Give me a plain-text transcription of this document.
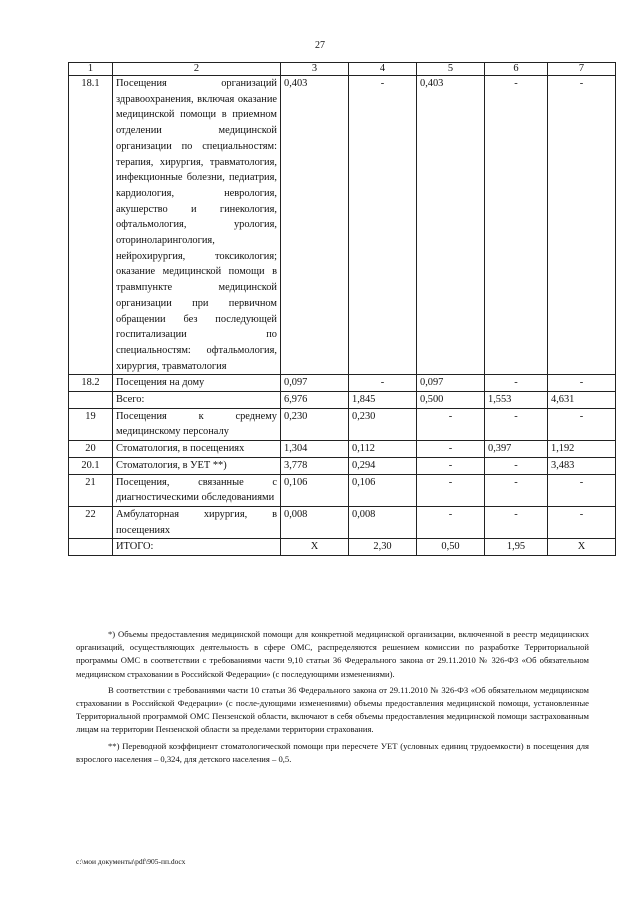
27
1	2	3	4	5	6	7
18.1	Посещения организаций здравоохранения, включая оказание медицинской помощи в приемном отделении медицинской организации по специальностям: терапия, хирургия, травматология, инфекционные болезни, педиатрия, кардиология, неврология, акушерство и гинекология, офтальмология, урология, оториноларингология, нейрохирургия, токсикология; оказание медицинской помощи в травмпункте медицинской организации при первичном обращении без последующей госпитализации по специальностям: офтальмология, хирургия, травматология	0,403	-	0,403	-	-
18.2	Посещения на дому	0,097	-	0,097	-	-
	Всего:	6,976	1,845	0,500	1,553	4,631
19	Посещения к среднему медицинскому персоналу	0,230	0,230	-	-	-
20	Стоматология, в посещениях	1,304	0,112	-	0,397	1,192
20.1	Стоматология, в УЕТ **)	3,778	0,294	-	-	3,483
21	Посещения, связанные с диагностическими обследованиями	0,106	0,106	-	-	-
22	Амбулаторная хирургия, в посещениях	0,008	0,008	-	-	-
	ИТОГО:	Х	2,30	0,50	1,95	Х

*) Объемы предоставления медицинской помощи для конкретной медицинской организации, включенной в реестр медицинских организаций, осуществляющих деятельность в сфере ОМС, распределяются решением комиссии по разработке Территориальной программы ОМС в соответствии с требованиями части 9,10 статьи 36 Федерального закона от 29.11.2010 № 326-ФЗ «Об обязательном медицинском страховании в Российской Федерации» (с последующими изменениями).

В соответствии с требованиями части 10 статьи 36 Федерального закона от 29.11.2010 № 326-ФЗ «Об обязательном медицинском страховании в Российской Федерации» (с после-дующими изменениями) объемы предоставления медицинской помощи, установленные Территориальной программой ОМС Пензенской области, включают в себя объемы предоставления медицинской помощи застрахованным лицам на территории Пензенской области за пределами территории страхования.

**) Переводной коэффициент стоматологической помощи при пересчете УЕТ (условных единиц трудоемкости) в посещения для взрослого населения – 0,324, для детского населения – 0,5.

c:\мои документы\pdf\905-пп.docx
